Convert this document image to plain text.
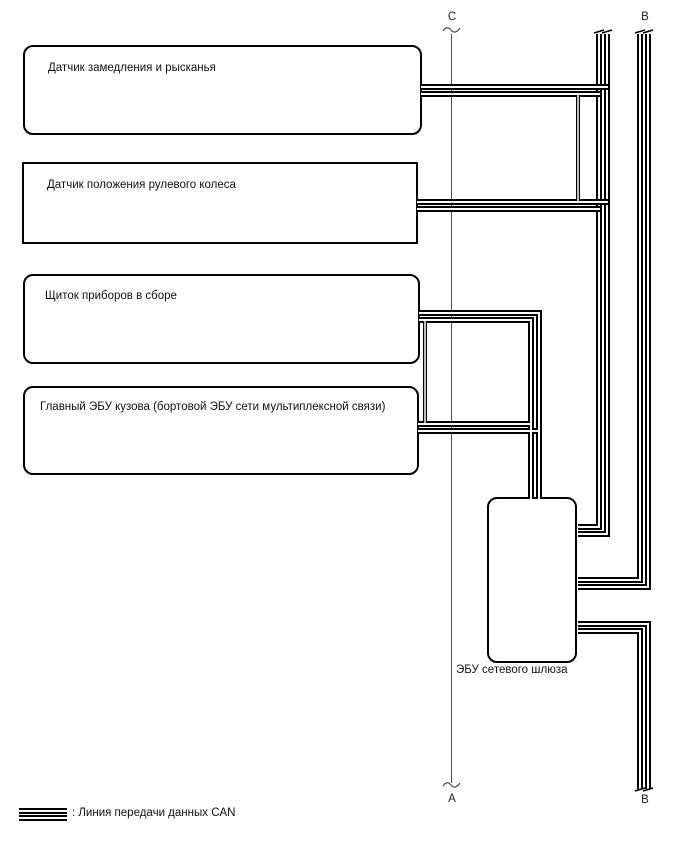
Датчик замедления и рысканья
Датчик положения рулевого колеса
Щиток приборов в сборе
Главный ЭБУ кузова (бортовой ЭБУ сети мультиплексной связи)
C
A
B
B
ЭБУ сетевого шлюза
: Линия передачи данных CAN
